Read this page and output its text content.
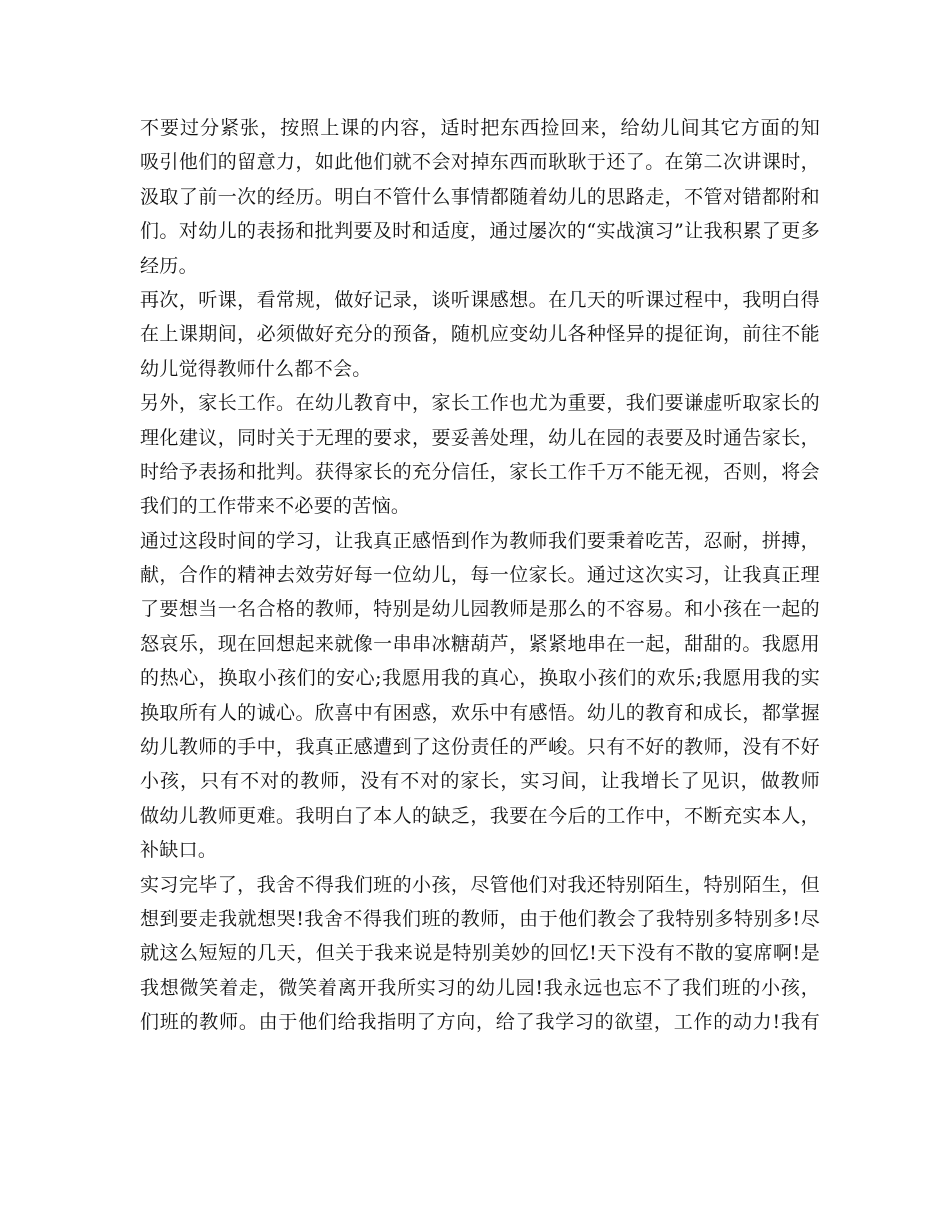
不要过分紧张，按照上课的内容，适时把东西捡回来，给幼儿间其它方面的知
吸引他们的留意力，如此他们就不会对掉东西而耿耿于还了。在第二次讲课时，
汲取了前一次的经历。明白不管什么事情都随着幼儿的思路走，不管对错都附和
们。对幼儿的表扬和批判要及时和适度，通过屡次的“实战演习”让我积累了更多
经历。
再次，听课，看常规，做好记录，谈听课感想。在几天的听课过程中，我明白得
在上课期间，必须做好充分的预备，随机应变幼儿各种怪异的提征询，前往不能
幼儿觉得教师什么都不会。
另外，家长工作。在幼儿教育中，家长工作也尤为重要，我们要谦虚听取家长的
理化建议，同时关于无理的要求，要妥善处理，幼儿在园的表要及时通告家长，
时给予表扬和批判。获得家长的充分信任，家长工作千万不能无视，否则，将会
我们的工作带来不必要的苦恼。
通过这段时间的学习，让我真正感悟到作为教师我们要秉着吃苦，忍耐，拼搏，
献，合作的精神去效劳好每一位幼儿，每一位家长。通过这次实习，让我真正理
了要想当一名合格的教师，特别是幼儿园教师是那么的不容易。和小孩在一起的
怒哀乐，现在回想起来就像一串串冰糖葫芦，紧紧地串在一起，甜甜的。我愿用
的热心，换取小孩们的安心;我愿用我的真心，换取小孩们的欢乐;我愿用我的实
换取所有人的诚心。欣喜中有困惑，欢乐中有感悟。幼儿的教育和成长，都掌握
幼儿教师的手中，我真正感遭到了这份责任的严峻。只有不好的教师，没有不好
小孩，只有不对的教师，没有不对的家长，实习间，让我增长了见识，做教师
做幼儿教师更难。我明白了本人的缺乏，我要在今后的工作中，不断充实本人，
补缺口。
实习完毕了，我舍不得我们班的小孩，尽管他们对我还特别陌生，特别陌生，但
想到要走我就想哭!我舍不得我们班的教师，由于他们教会了我特别多特别多!尽
就这么短短的几天，但关于我来说是特别美妙的回忆!天下没有不散的宴席啊!是
我想微笑着走，微笑着离开我所实习的幼儿园!我永远也忘不了我们班的小孩，
们班的教师。由于他们给我指明了方向，给了我学习的欲望，工作的动力!我有
